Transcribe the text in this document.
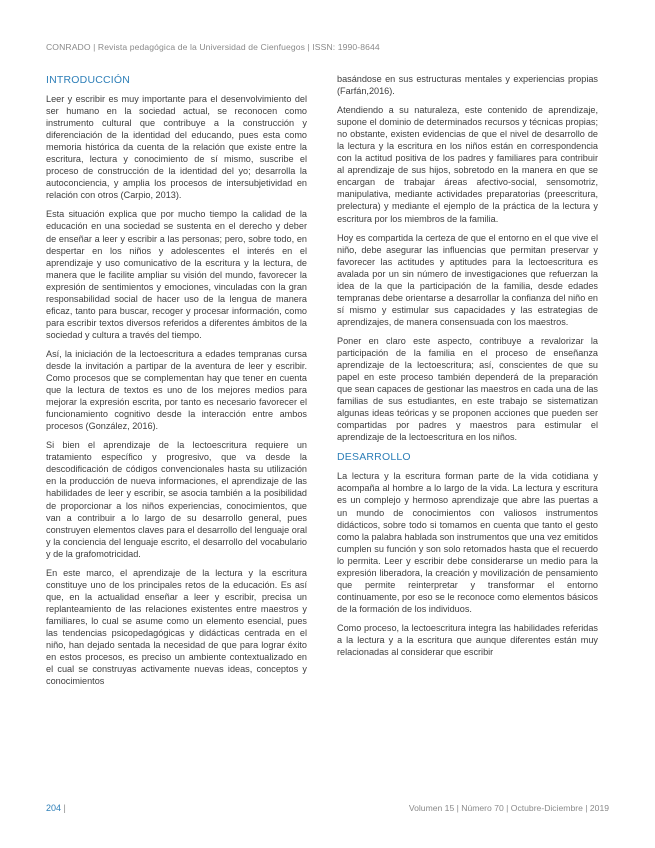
CONRADO | Revista pedagógica de la Universidad de Cienfuegos | ISSN: 1990-8644
INTRODUCCIÓN

Leer y escribir es muy importante para el desenvolvimiento del ser humano en la sociedad actual, se reconocen como instrumento cultural que contribuye a la construcción y diferenciación de la identidad del educando, pues esta como memoria histórica da cuenta de la relación que existe entre la escritura, lectura y conocimiento de sí mismo, suscribe el proceso de construcción de la identidad del yo; desarrolla la autoconciencia, y amplia los procesos de intersubjetividad en relación con otros (Carpio, 2013).

Esta situación explica que por mucho tiempo la calidad de la educación en una sociedad se sustenta en el derecho y deber de enseñar a leer y escribir a las personas; pero, sobre todo, en despertar en los niños y adolescentes el interés en el aprendizaje y uso comunicativo de la escritura y la lectura, de manera que le facilite ampliar su visión del mundo, favorecer la expresión de sentimientos y emociones, vinculadas con la gran responsabilidad social de hacer uso de la lengua de manera eficaz, tanto para buscar, recoger y procesar información, como para escribir textos diversos referidos a diferentes ámbitos de la sociedad y cultura a través del tiempo.

Así, la iniciación de la lectoescritura a edades tempranas cursa desde la invitación a partipar de la aventura de leer y escribir. Como procesos que se complementan hay que tener en cuenta que la lectura de textos es uno de los mejores medios para mejorar la expresión escrita, por tanto es necesario favorecer el funcionamiento cognitivo desde la interacción entre ambos procesos (González, 2016).

Si bien el aprendizaje de la lectoescritura requiere un tratamiento específico y progresivo, que va desde la descodificación de códigos convencionales hasta su utilización en la producción de nueva informaciones, el aprendizaje de las habilidades de leer y escribir, se asocia también a la posibilidad de proporcionar a los niños experiencias, conocimientos, que van a contribuir a lo largo de su desarrollo general, pues construyen elementos claves para el desarrollo del lenguaje oral y la conciencia del lenguaje escrito, el desarrollo del vocabulario y de la grafomotricidad.

En este marco, el aprendizaje de la lectura y la escritura constituye uno de los principales retos de la educación. Es así que, en la actualidad enseñar a leer y escribir, precisa un replanteamiento de las relaciones existentes entre maestros y familiares, lo cual se asume como un elemento esencial, pues las tendencias psicopedagógicas y didácticas centrada en el niño, han dejado sentada la necesidad de que para lograr éxito en estos procesos, es preciso un ambiente contextualizado en el cual se construyas activamente nuevas ideas, conceptos y conocimientos

basándose en sus estructuras mentales y experiencias propias (Farfán,2016).

Atendiendo a su naturaleza, este contenido de aprendizaje, supone el dominio de determinados recursos y técnicas propias; no obstante, existen evidencias de que el nivel de desarrollo de la lectura y la escritura en los niños están en correspondencia con la actitud positiva de los padres y familiares para contribuir al aprendizaje de sus hijos, sobretodo en la manera en que se encargan de trabajar áreas afectivo-social, sensomotriz, manipulativa, mediante actividades preparatorias (preescritura, prelectura) y mediante el ejemplo de la práctica de la lectura y escritura por los miembros de la familia.

Hoy es compartida la certeza de que el entorno en el que vive el niño, debe asegurar las influencias que permitan preservar y favorecer las actitudes y aptitudes para la lectoescritura es avalada por un sin número de investigaciones que refuerzan la idea de la que la participación de la familia, desde edades tempranas debe orientarse a desarrollar la confianza del niño en sí mismo y estimular sus capacidades y las estrategias de aprendizajes, de manera consensuada con los maestros.

Poner en claro este aspecto, contribuye a revalorizar la participación de la familia en el proceso de enseñanza aprendizaje de la lectoescritura; así, conscientes de que su papel en este proceso también dependerá de la preparación que sean capaces de gestionar las maestros en cada una de las familias de sus estudiantes, en este trabajo se sistematizan algunas ideas teóricas y se proponen acciones que pueden ser compartidas por padres y maestros para estimular el aprendizaje de la lectoescritura en los niños.

DESARROLLO

La lectura y la escritura forman parte de la vida cotidiana y acompaña al hombre a lo largo de la vida. La lectura y escritura es un complejo y hermoso aprendizaje que abre las puertas a un mundo de conocimientos con valiosos instrumentos didácticos, sobre todo si tomamos en cuenta que tanto el gesto como la palabra hablada son instrumentos que una vez emitidos cumplen su función y son solo retomados hasta que el recuerdo lo permita. Leer y escribir debe considerarse un medio para la expresión liberadora, la creación y movilización de pensamiento que permite reinterpretar y transformar el entorno continuamente, por eso se le reconoce como elementos básicos de la formación de los individuos.

Como proceso, la lectoescritura integra las habilidades referidas a la lectura y a la escritura que aunque diferentes están muy relacionadas al considerar que escribir

204 |	Volumen 15 | Número 70 | Octubre-Diciembre | 2019
